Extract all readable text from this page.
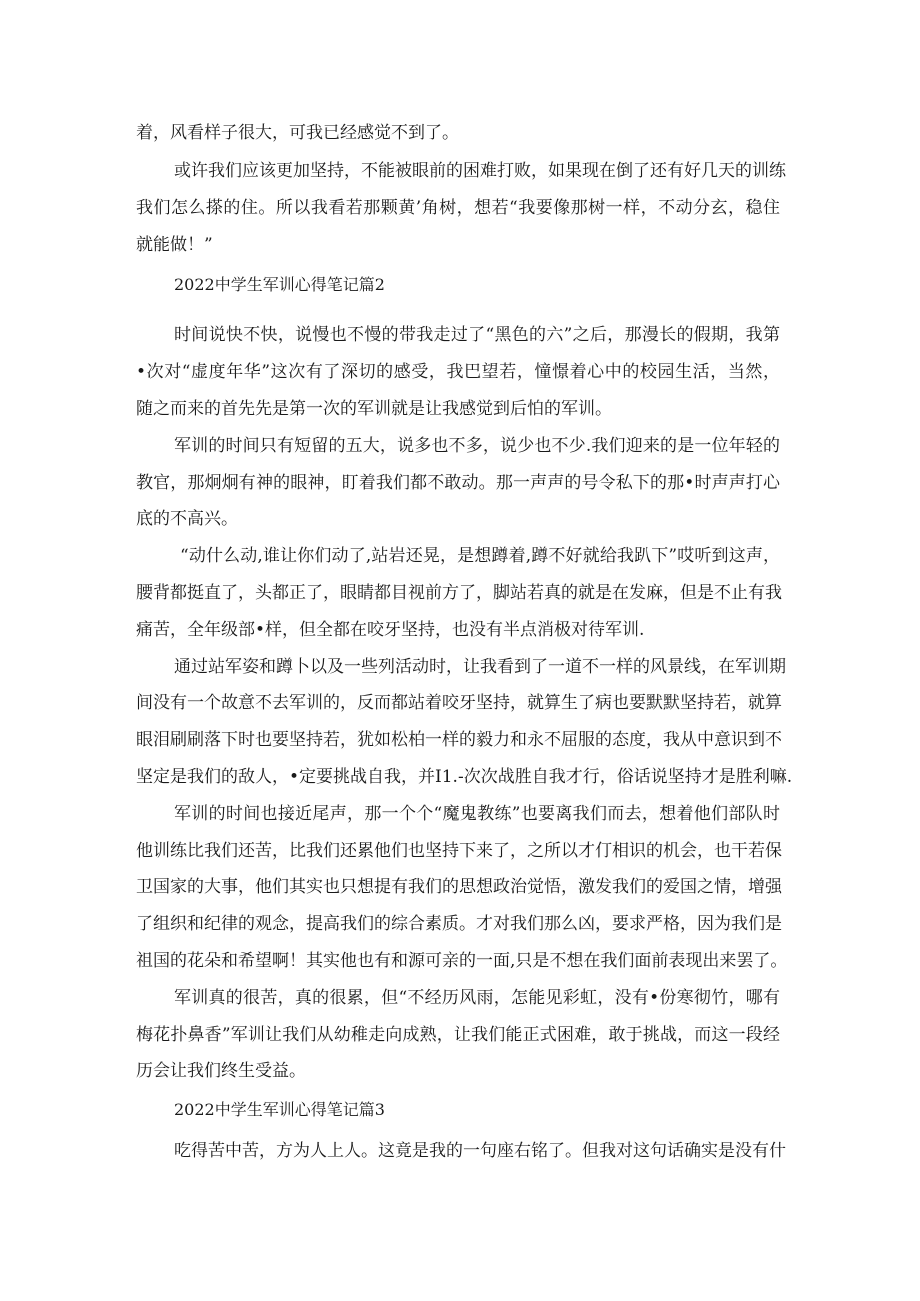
着，风看样子很大，可我已经感觉不到了。
或许我们应该更加坚持，不能被眼前的困难打败，如果现在倒了还有好几天的训练
我们怎么搽的住。所以我看若那颗黄’角树，想若“我要像那树一样，不动分玄，稳住
就能做！”
2022中学生军训心得笔记篇2
时间说快不快，说慢也不慢的带我走过了“黑色的六”之后，那漫长的假期，我第
•次对“虚度年华”这次有了深切的感受，我巴望若，憧憬着心中的校园生活，当然，
随之而来的首先先是第一次的军训就是让我感觉到后怕的军训。
军训的时间只有短留的五大，说多也不多，说少也不少.我们迎来的是一位年轻的
教官，那炯炯有神的眼神，盯着我们都不敢动。那一声声的号令私下的那•时声声打心
底的不高兴。
“动什么动,谁让你们动了,站岩还晃，是想蹲着,蹲不好就给我趴下”哎听到这声，
腰背都挺直了，头都正了，眼睛都目视前方了，脚站若真的就是在发麻，但是不止有我
痛苦，全年级部•样，但全都在咬牙坚持，也没有半点消极对待军训.
通过站军姿和蹲卜以及一些列活动时，让我看到了一道不一样的风景线，在军训期
间没有一个故意不去军训的，反而都站着咬牙坚持，就算生了病也要默默坚持若，就算
眼泪刷刷落下时也要坚持若，犹如松柏一样的毅力和永不屈服的态度，我从中意识到不
坚定是我们的敌人，•定要挑战自我，并I1.-次次战胜自我才行，俗话说坚持才是胜利嘛.
军训的时间也接近尾声，那一个个“魔鬼教练”也要离我们而去，想着他们部队时
他训练比我们还苦，比我们还累他们也坚持下来了，之所以才仃相识的机会，也干若保
卫国家的大事，他们其实也只想提有我们的思想政治觉悟，激发我们的爱国之情，增强
了组织和纪律的观念，提高我们的综合素质。才对我们那么凶，要求严格，因为我们是
祖国的花朵和希望啊！其实他也有和源可亲的一面,只是不想在我们面前表现出来罢了。
军训真的很苦，真的很累，但“不经历风雨，怎能见彩虹，没有•份寒彻竹，哪有
梅花扑鼻香”军训让我们从幼稚走向成熟，让我们能正式困难，敢于挑战，而这一段经
历会让我们终生受益。
2022中学生军训心得笔记篇3
吃得苦中苦，方为人上人。这竟是我的一句座右铭了。但我对这句话确实是没有什
